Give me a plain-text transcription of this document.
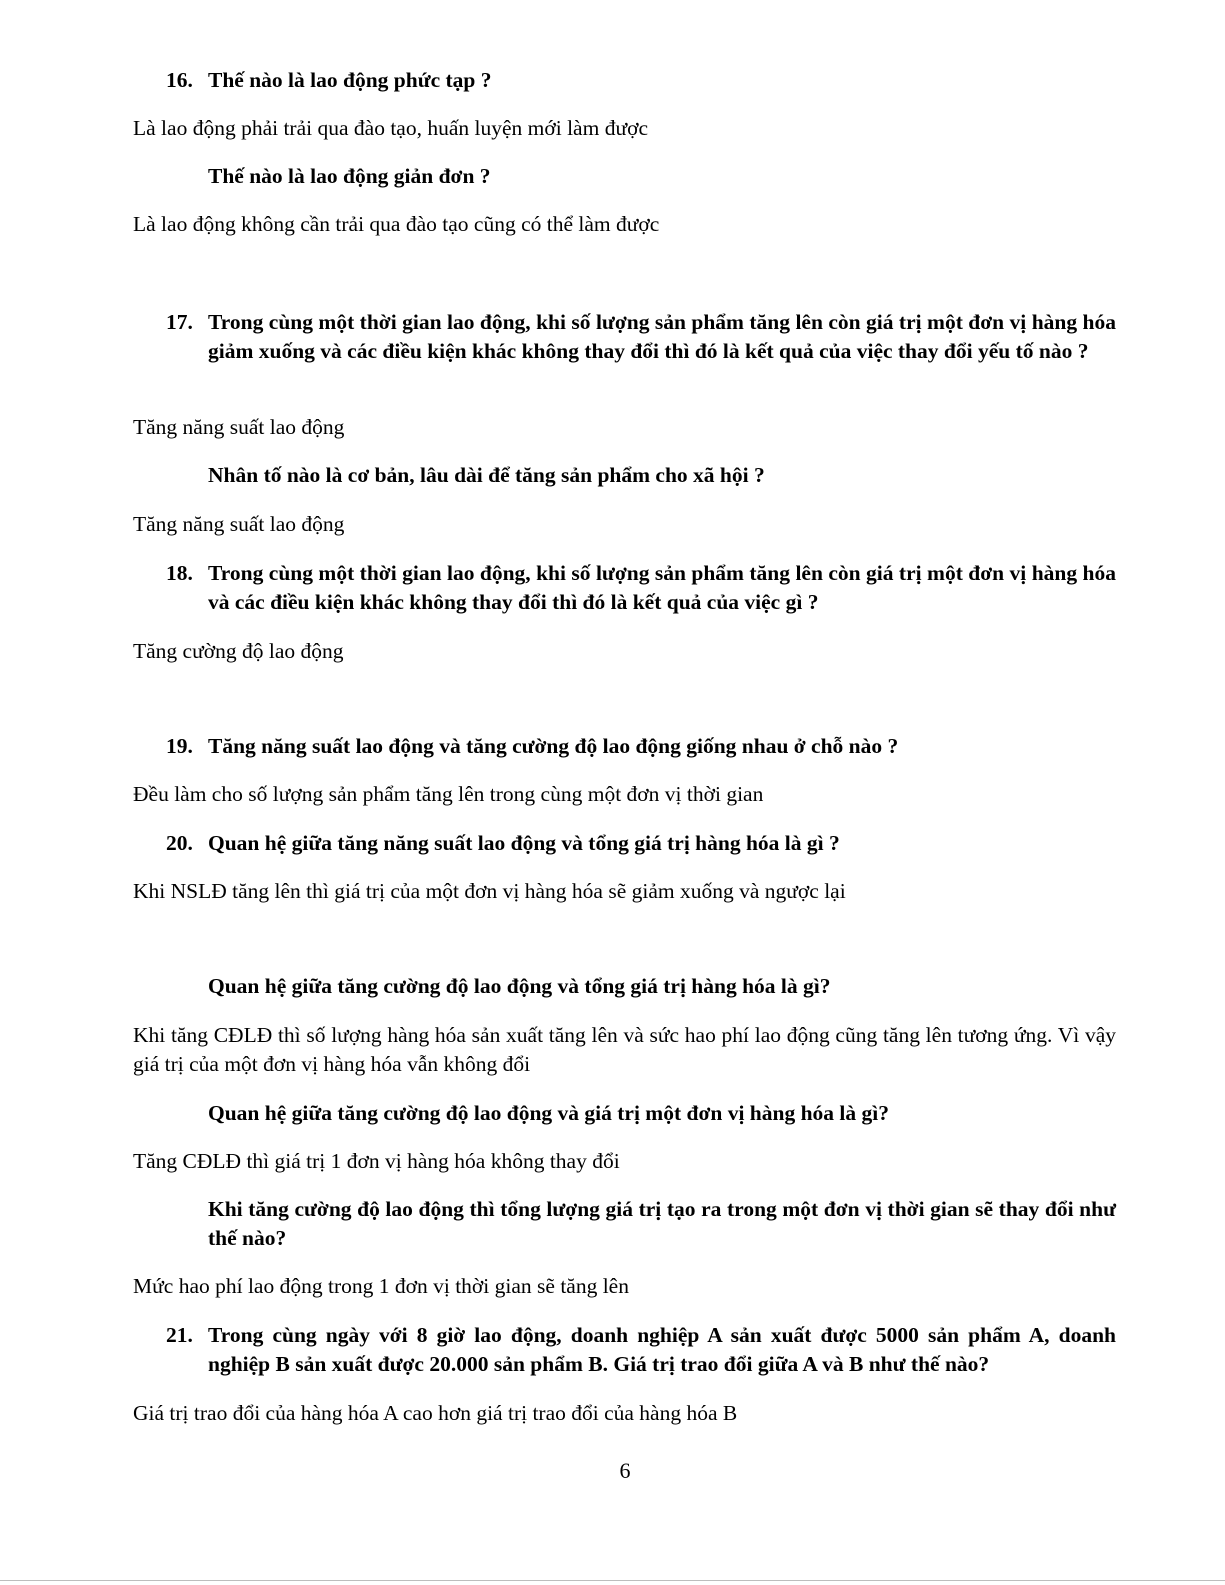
16. Thế nào là lao động phức tạp ?
Là lao động phải trải qua đào tạo, huấn luyện mới làm được
Thế nào là lao động giản đơn ?
Là lao động không cần trải qua đào tạo cũng có thể làm được
17. Trong cùng một thời gian lao động, khi số lượng sản phẩm tăng lên còn giá trị một đơn vị hàng hóa giảm xuống và các điều kiện khác không thay đổi thì đó là kết quả của việc thay đổi yếu tố nào ?
Tăng năng suất lao động
Nhân tố nào là cơ bản, lâu dài để tăng sản phẩm cho xã hội ?
Tăng năng suất lao động
18. Trong cùng một thời gian lao động, khi số lượng sản phẩm tăng lên còn giá trị một đơn vị hàng hóa và các điều kiện khác không thay đổi thì đó là kết quả của việc gì ?
Tăng cường độ lao động
19. Tăng năng suất lao động và tăng cường độ lao động giống nhau ở chỗ nào ?
Đều làm cho số lượng sản phẩm tăng lên trong cùng một đơn vị thời gian
20. Quan hệ giữa tăng năng suất lao động và tổng giá trị hàng hóa là gì ?
Khi NSLĐ tăng lên thì giá trị của một đơn vị hàng hóa sẽ giảm xuống và ngược lại
Quan hệ giữa tăng cường độ lao động và tổng giá trị hàng hóa là gì?
Khi tăng CĐLĐ thì số lượng hàng hóa sản xuất tăng lên và sức hao phí lao động cũng tăng lên tương ứng. Vì vậy giá trị của một đơn vị hàng hóa vẫn không đổi
Quan hệ giữa tăng cường độ lao động và giá trị một đơn vị hàng hóa là gì?
Tăng CĐLĐ thì giá trị 1 đơn vị hàng hóa không thay đổi
Khi tăng cường độ lao động thì tổng lượng giá trị tạo ra trong một đơn vị thời gian sẽ thay đổi như thế nào?
Mức hao phí lao động trong 1 đơn vị thời gian sẽ tăng lên
21. Trong cùng ngày với 8 giờ lao động, doanh nghiệp A sản xuất được 5000 sản phẩm A, doanh nghiệp B sản xuất được 20.000 sản phẩm B. Giá trị trao đổi giữa A và B như thế nào?
Giá trị trao đổi của hàng hóa A cao hơn giá trị trao đổi của hàng hóa B
6
